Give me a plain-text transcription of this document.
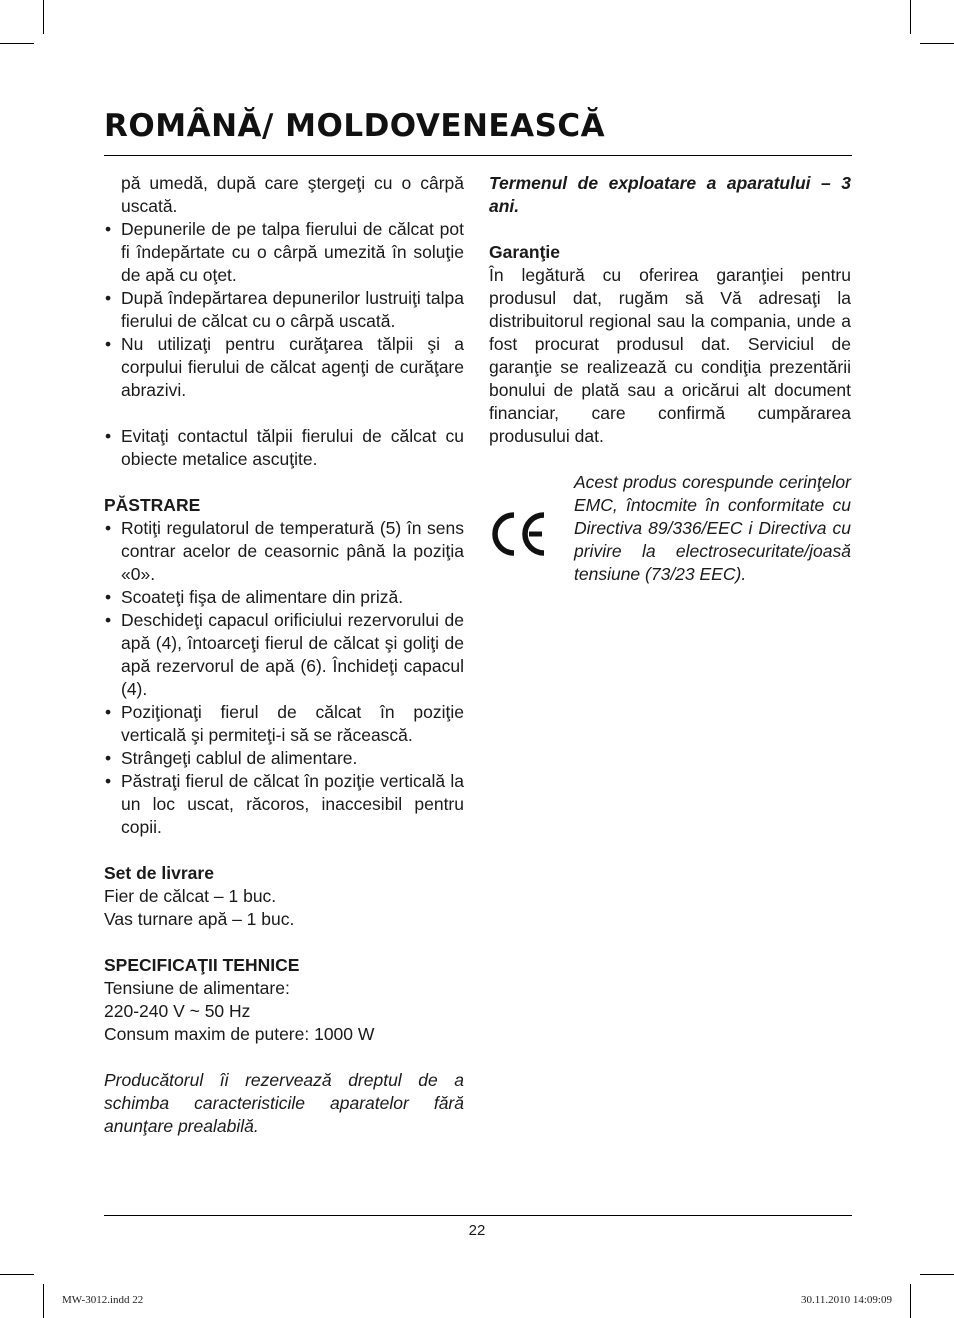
ROMÂNĂ/ MOLDOVENEASCĂ

pă umedă, după care ştergeţi cu o cârpă uscată.

• Depunerile de pe talpa fierului de călcat pot fi îndepărtate cu o cârpă umezită în soluţie de apă cu oţet.
• După îndepărtarea depunerilor lustruiţi talpa fierului de călcat cu o cârpă uscată.
• Nu utilizaţi pentru curăţarea tălpii şi a corpului fierului de călcat agenţi de curăţare abrazivi.
• Evitaţi contactul tălpii fierului de călcat cu obiecte metalice ascuţite.

PĂSTRARE

• Rotiţi regulatorul de temperatură (5) în sens contrar acelor de ceasornic până la poziţia «0».
• Scoateţi fişa de alimentare din priză.
• Deschideţi capacul orificiului rezervorului de apă (4), întoarceţi fierul de călcat şi goliţi de apă rezervorul de apă (6). Închideţi capacul (4).
• Poziţionaţi fierul de călcat în poziţie verticală şi permiteţi-i să se răcească.
• Strângeţi cablul de alimentare.
• Păstraţi fierul de călcat în poziţie verticală la un loc uscat, răcoros, inaccesibil pentru copii.

Set de livrare

Fier de călcat – 1 buc.

Vas turnare apă – 1 buc.

SPECIFICAŢII TEHNICE

Tensiune de alimentare:

220-240 V ~ 50 Hz

Consum maxim de putere: 1000 W

Producătorul îi rezervează dreptul de a schimba caracteristicile aparatelor fără anunţare prealabilă.

Termenul de exploatare a aparatului – 3 ani.

Garanţie

În legătură cu oferirea garanţiei pentru produsul dat, rugăm să Vă adresaţi la distribuitorul regional sau la compania, unde a fost procurat produsul dat. Serviciul de garanţie se realizează cu condiţia prezentării bonului de plată sau a oricărui alt document financiar, care confirmă cumpărarea produsului dat.

Acest produs corespunde cerinţelor EMC, întocmite în conformitate cu Directiva 89/336/EEC i Directiva cu privire la electrosecuritate/joasă tensiune (73/23 EEC).

22
MW-3012.indd 22	30.11.2010 14:09:09
